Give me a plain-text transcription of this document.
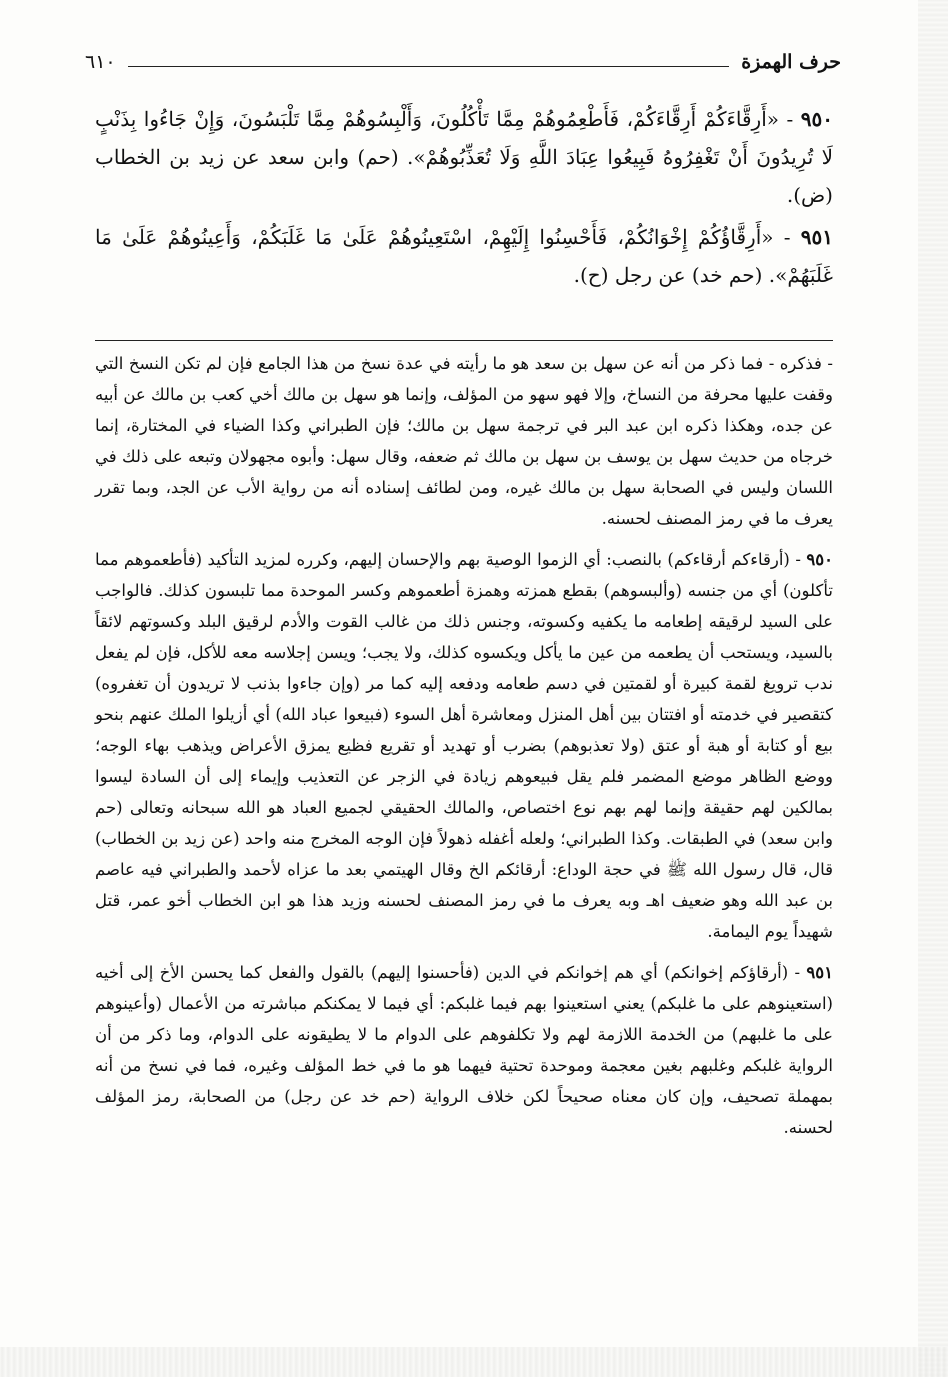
حرف الهمزة
٦١٠

٩٥٠ - «أَرِقَّاءَكُمْ أَرِقَّاءَكُمْ، فَأَطْعِمُوهُمْ مِمَّا تَأْكُلُونَ، وَأَلْبِسُوهُمْ مِمَّا تَلْبَسُونَ، وَإِنْ جَاءُوا بِذَنْبٍ لَا تُرِيدُونَ أَنْ تَغْفِرُوهُ فَبِيعُوا عِبَادَ اللَّهِ وَلَا تُعَذِّبُوهُمْ». (حم) وابن سعد عن زيد بن الخطاب (ض).

٩٥١ - «أَرِقَّاؤُكُمْ إِخْوَانُكُمْ، فَأَحْسِنُوا إِلَيْهِمْ، اسْتَعِينُوهُمْ عَلَىٰ مَا غَلَبَكُمْ، وَأَعِينُوهُمْ عَلَىٰ مَا غَلَبَهُمْ». (حم خد) عن رجل (ح).

- فذكره - فما ذكر من أنه عن سهل بن سعد هو ما رأيته في عدة نسخ من هذا الجامع فإن لم تكن النسخ التي وقفت عليها محرفة من النساخ، وإلا فهو سهو من المؤلف، وإنما هو سهل بن مالك أخي كعب بن مالك عن أبيه عن جده، وهكذا ذكره ابن عبد البر في ترجمة سهل بن مالك؛ فإن الطبراني وكذا الضياء في المختارة، إنما خرجاه من حديث سهل بن يوسف بن سهل بن مالك ثم ضعفه، وقال سهل: وأبوه مجهولان وتبعه على ذلك في اللسان وليس في الصحابة سهل بن مالك غيره، ومن لطائف إسناده أنه من رواية الأب عن الجد، وبما تقرر يعرف ما في رمز المصنف لحسنه.

٩٥٠ - (أرقاءكم أرقاءكم) بالنصب: أي الزموا الوصية بهم والإحسان إليهم، وكرره لمزيد التأكيد (فأطعموهم مما تأكلون) أي من جنسه (وألبسوهم) بقطع همزته وهمزة أطعموهم وكسر الموحدة مما تلبسون كذلك. فالواجب على السيد لرقيقه إطعامه ما يكفيه وكسوته، وجنس ذلك من غالب القوت والأدم لرقيق البلد وكسوتهم لائقاً بالسيد، ويستحب أن يطعمه من عين ما يأكل ويكسوه كذلك، ولا يجب؛ ويسن إجلاسه معه للأكل، فإن لم يفعل ندب ترويغ لقمة كبيرة أو لقمتين في دسم طعامه ودفعه إليه كما مر (وإن جاءوا بذنب لا تريدون أن تغفروه) كتقصير في خدمته أو افتتان بين أهل المنزل ومعاشرة أهل السوء (فبيعوا عباد الله) أي أزيلوا الملك عنهم بنحو بيع أو كتابة أو هبة أو عتق (ولا تعذبوهم) بضرب أو تهديد أو تقريع فظيع يمزق الأعراض ويذهب بهاء الوجه؛ ووضع الظاهر موضع المضمر فلم يقل فبيعوهم زيادة في الزجر عن التعذيب وإيماء إلى أن السادة ليسوا بمالكين لهم حقيقة وإنما لهم بهم نوع اختصاص، والمالك الحقيقي لجميع العباد هو الله سبحانه وتعالى (حم وابن سعد) في الطبقات. وكذا الطبراني؛ ولعله أغفله ذهولاً فإن الوجه المخرج منه واحد (عن زيد بن الخطاب) قال، قال رسول الله ﷺ في حجة الوداع: أرقائكم الخ وقال الهيتمي بعد ما عزاه لأحمد والطبراني فيه عاصم بن عبد الله وهو ضعيف اهـ وبه يعرف ما في رمز المصنف لحسنه وزيد هذا هو ابن الخطاب أخو عمر، قتل شهيداً يوم اليمامة.

٩٥١ - (أرقاؤكم إخوانكم) أي هم إخوانكم في الدين (فأحسنوا إليهم) بالقول والفعل كما يحسن الأخ إلى أخيه (استعينوهم على ما غلبكم) يعني استعينوا بهم فيما غلبكم: أي فيما لا يمكنكم مباشرته من الأعمال (وأعينوهم على ما غلبهم) من الخدمة اللازمة لهم ولا تكلفوهم على الدوام ما لا يطيقونه على الدوام، وما ذكر من أن الرواية غلبكم وغلبهم بغين معجمة وموحدة تحتية فيهما هو ما في خط المؤلف وغيره، فما في نسخ من أنه بمهملة تصحيف، وإن كان معناه صحيحاً لكن خلاف الرواية (حم خد عن رجل) من الصحابة، رمز المؤلف لحسنه.
